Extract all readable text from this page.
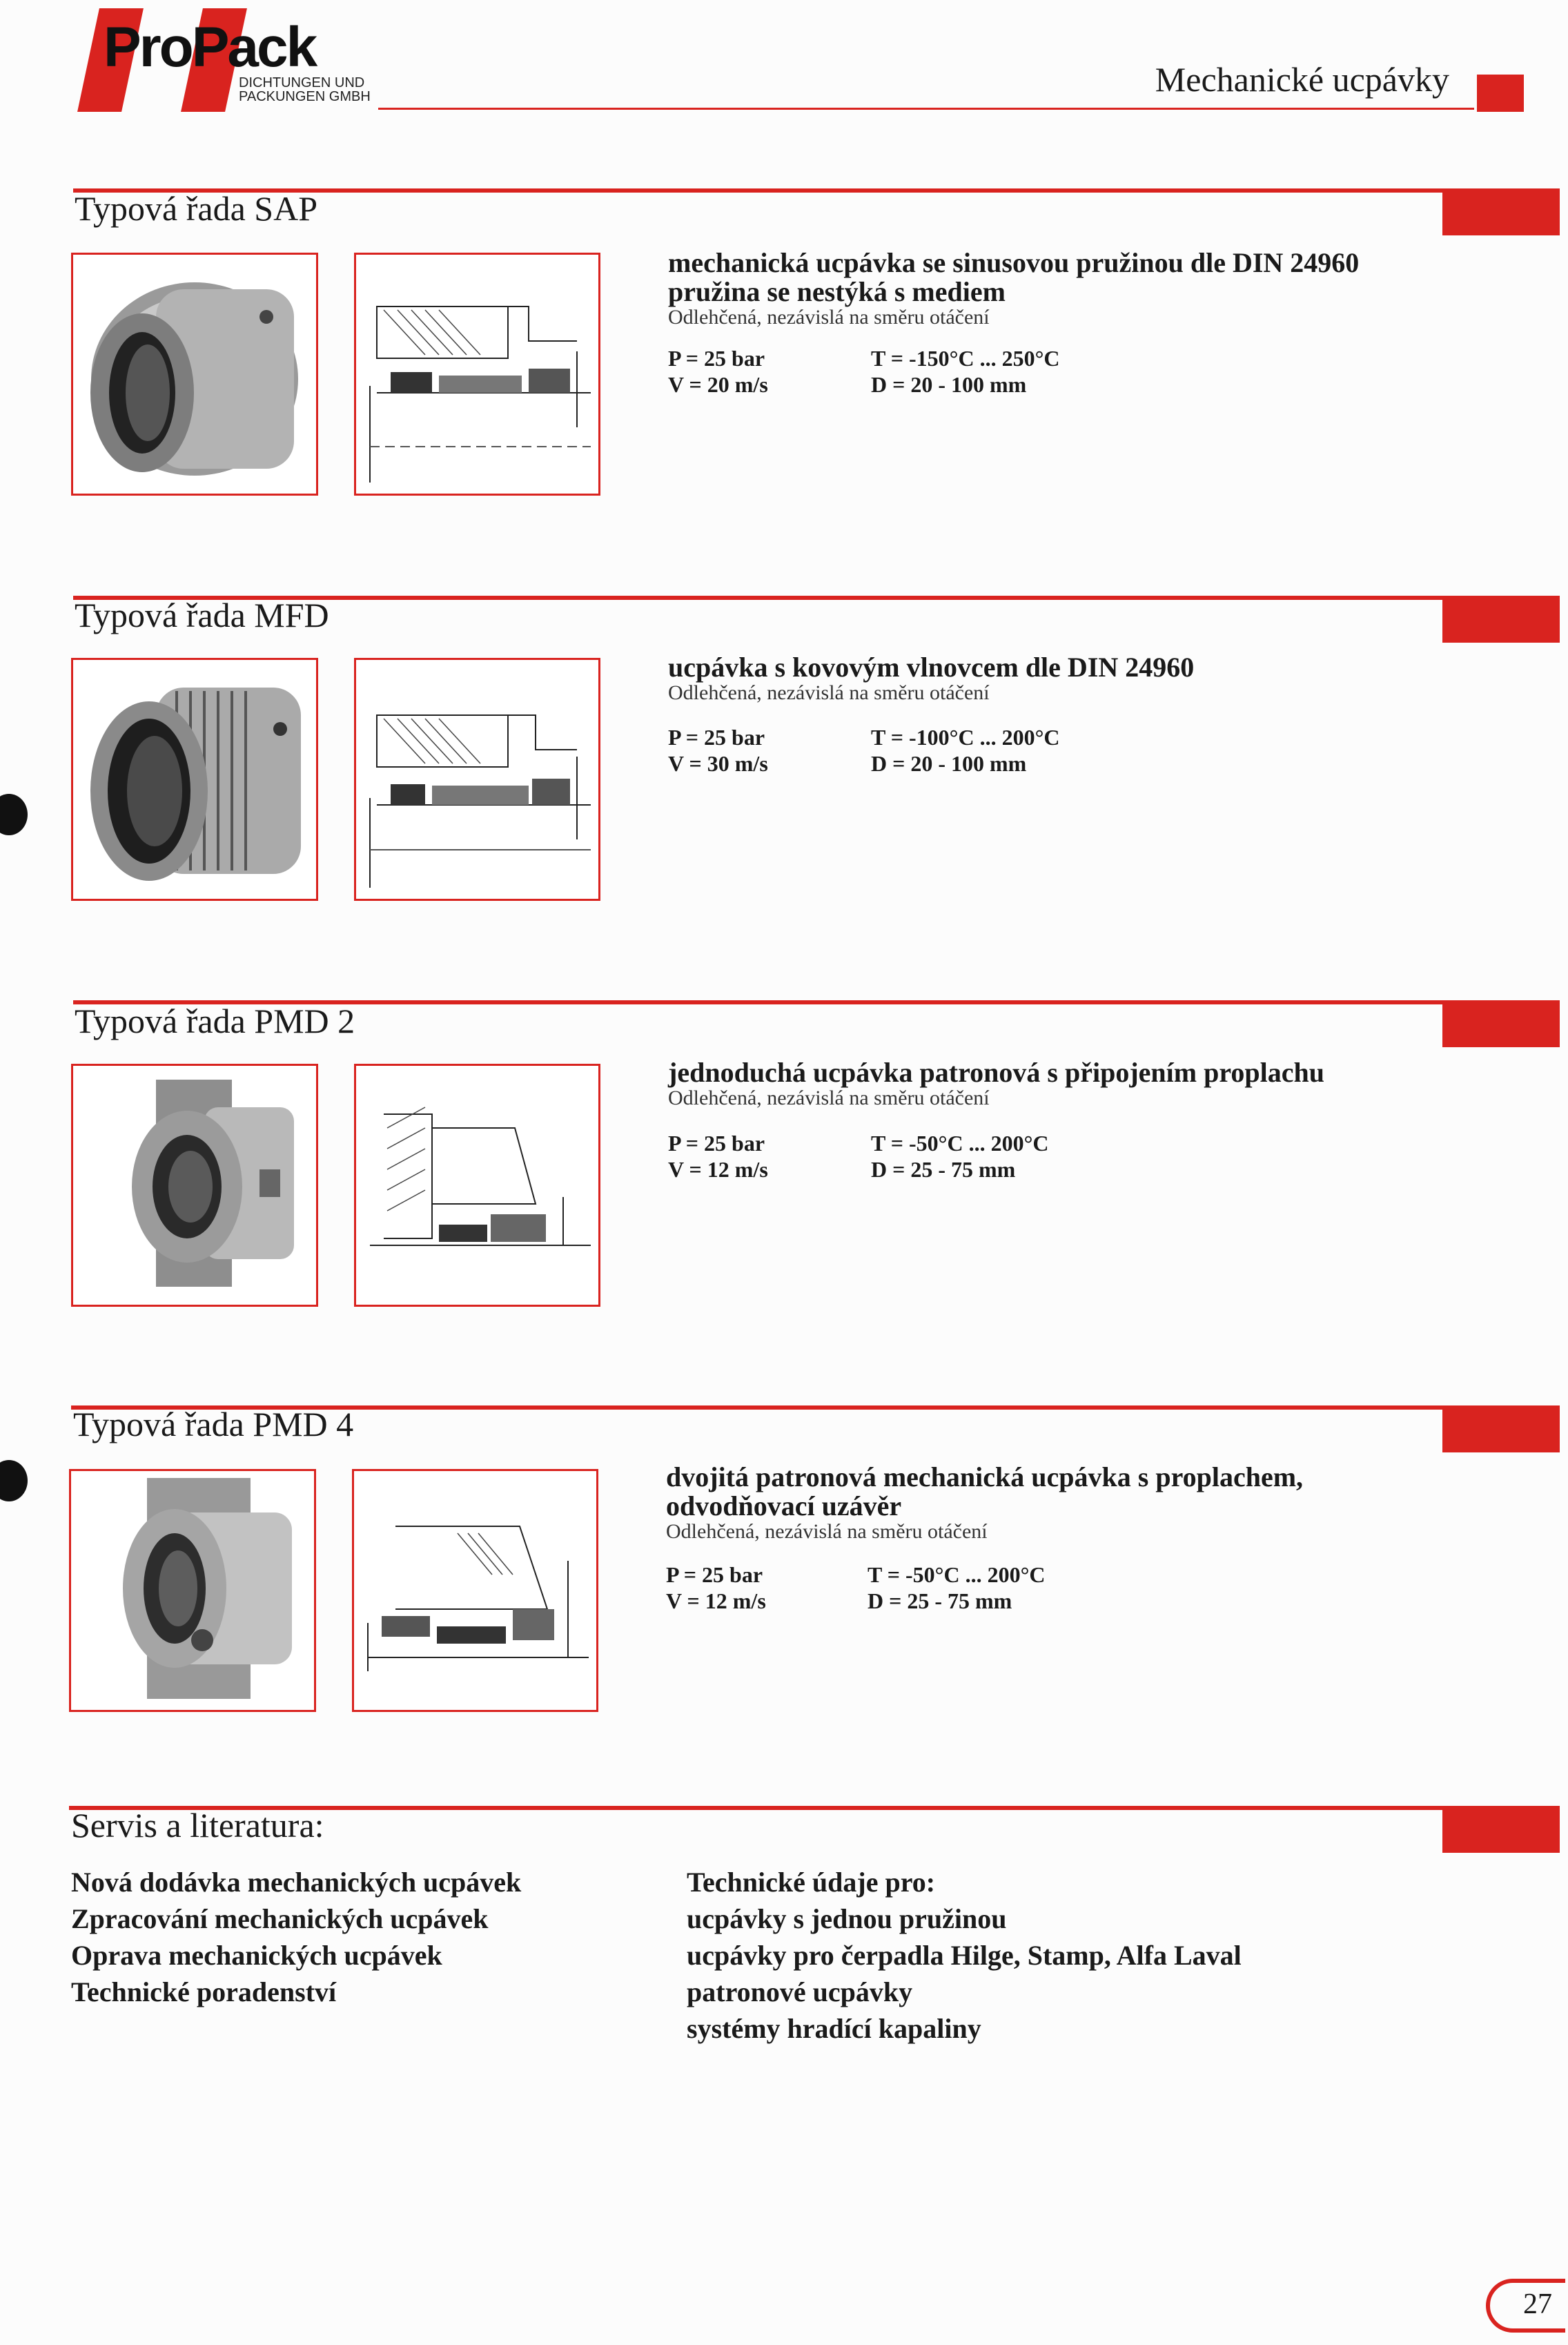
ProPack
DICHTUNGEN UND
PACKUNGEN GMBH	Mechanické ucpávky
Typová řada SAP
mechanická ucpávka se sinusovou pružinou dle DIN 24960
pružina se nestýká s mediem
Odlehčená, nezávislá na směru otáčení
P = 25 bar
V = 20 m/s
T = -150°C ... 250°C
D = 20 - 100 mm
Typová řada MFD
ucpávka s kovovým vlnovcem dle DIN 24960
Odlehčená, nezávislá na směru otáčení
P = 25 bar
V = 30 m/s
T = -100°C ... 200°C
D = 20 - 100 mm
Typová řada PMD 2
jednoduchá ucpávka patronová s připojením proplachu
Odlehčená, nezávislá na směru otáčení
P = 25 bar
V = 12 m/s
T = -50°C ... 200°C
D = 25 - 75 mm
Typová řada PMD 4
dvojitá patronová mechanická ucpávka s proplachem,
odvodňovací uzávěr
Odlehčená, nezávislá na směru otáčení
P = 25 bar
V = 12 m/s
T = -50°C ... 200°C
D = 25 - 75 mm
Servis a literatura:
Nová dodávka mechanických ucpávek
Zpracování mechanických ucpávek
Oprava mechanických ucpávek
Technické poradenství
Technické údaje pro:
ucpávky s jednou pružinou
ucpávky pro čerpadla Hilge, Stamp, Alfa Laval
patronové ucpávky
systémy hradící kapaliny
27
